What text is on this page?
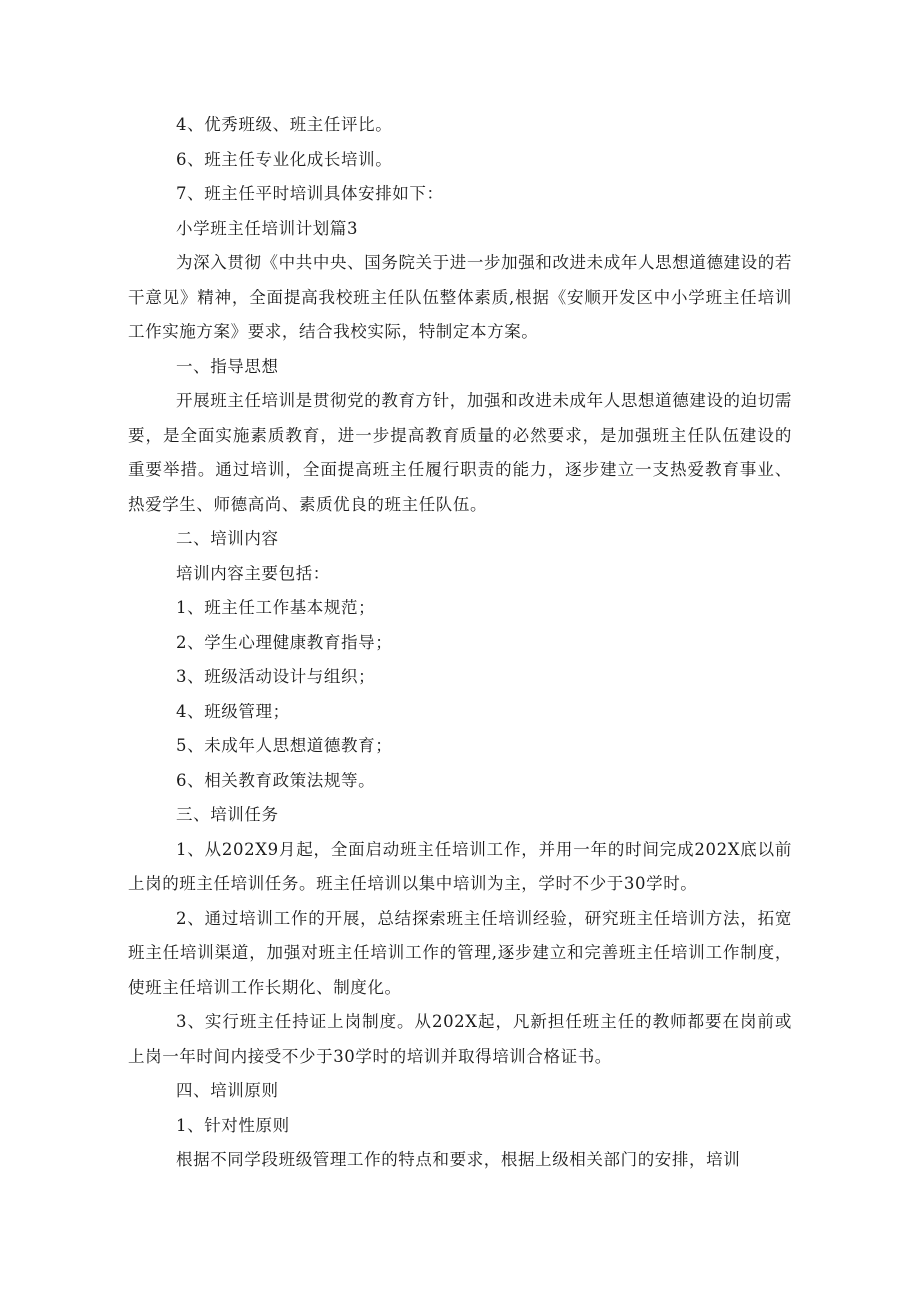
4、优秀班级、班主任评比。

6、班主任专业化成长培训。

7、班主任平时培训具体安排如下：

小学班主任培训计划篇3

为深入贯彻《中共中央、国务院关于进一步加强和改进未成年人思想道德建设的若干意见》精神，全面提高我校班主任队伍整体素质,根据《安顺开发区中小学班主任培训工作实施方案》要求，结合我校实际，特制定本方案。

一、指导思想

开展班主任培训是贯彻党的教育方针，加强和改进未成年人思想道德建设的迫切需要，是全面实施素质教育，进一步提高教育质量的必然要求，是加强班主任队伍建设的重要举措。通过培训，全面提高班主任履行职责的能力，逐步建立一支热爱教育事业、热爱学生、师德高尚、素质优良的班主任队伍。

二、培训内容

培训内容主要包括：

1、班主任工作基本规范；

2、学生心理健康教育指导；

3、班级活动设计与组织；

4、班级管理；

5、未成年人思想道德教育；

6、相关教育政策法规等。

三、培训任务

1、从202X9月起，全面启动班主任培训工作，并用一年的时间完成202X底以前上岗的班主任培训任务。班主任培训以集中培训为主，学时不少于30学时。

2、通过培训工作的开展，总结探索班主任培训经验，研究班主任培训方法，拓宽班主任培训渠道，加强对班主任培训工作的管理,逐步建立和完善班主任培训工作制度，使班主任培训工作长期化、制度化。

3、实行班主任持证上岗制度。从202X起，凡新担任班主任的教师都要在岗前或上岗一年时间内接受不少于30学时的培训并取得培训合格证书。

四、培训原则

1、针对性原则

根据不同学段班级管理工作的特点和要求，根据上级相关部门的安排，培训
